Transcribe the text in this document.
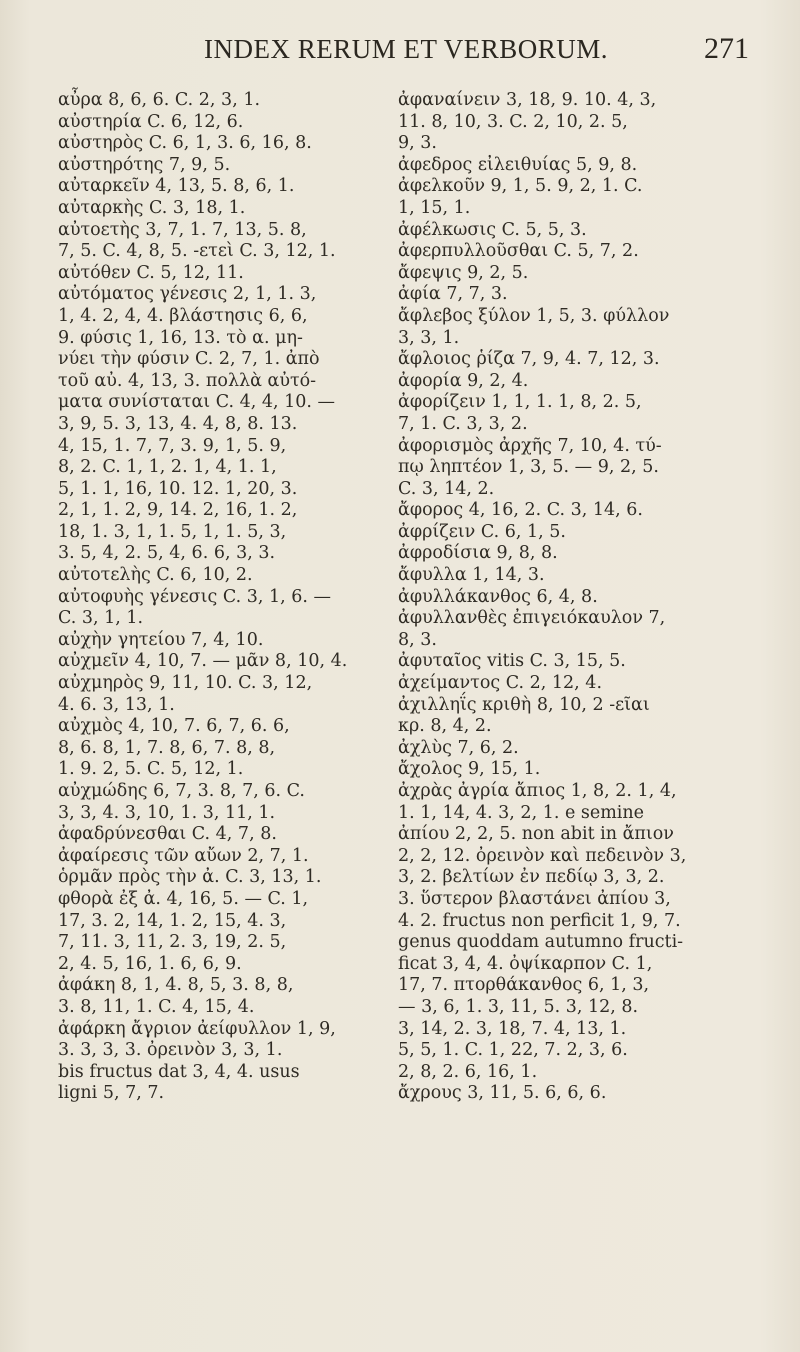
INDEX RERUM ET VERBORUM.	271
αὖρα 8, 6, 6. C. 2, 3, 1.
αὐστηρία C. 6, 12, 6.
αὐστηρὸς C. 6, 1, 3. 6, 16, 8.
αὐστηρότης 7, 9, 5.
αὐταρκεῖν 4, 13, 5. 8, 6, 1.
αὐταρκὴς C. 3, 18, 1.
αὐτοετὴς 3, 7, 1. 7, 13, 5. 8,
7, 5. C. 4, 8, 5. -ετεὶ C. 3, 12, 1.
αὐτόθεν C. 5, 12, 11.
αὐτόματος γένεσις 2, 1, 1. 3,
1, 4. 2, 4, 4. βλάστησις 6, 6,
9. φύσις 1, 16, 13. τὸ α. μη-
νύει τὴν φύσιν C. 2, 7, 1. ἀπὸ
τοῦ αὐ. 4, 13, 3. πολλὰ αὐτό-
ματα συνίσταται C. 4, 4, 10. —
3, 9, 5. 3, 13, 4. 4, 8, 8. 13.
4, 15, 1. 7, 7, 3. 9, 1, 5. 9,
8, 2. C. 1, 1, 2. 1, 4, 1. 1,
5, 1. 1, 16, 10. 12. 1, 20, 3.
2, 1, 1. 2, 9, 14. 2, 16, 1. 2,
18, 1. 3, 1, 1. 5, 1, 1. 5, 3,
3. 5, 4, 2. 5, 4, 6. 6, 3, 3.
αὐτοτελὴς C. 6, 10, 2.
αὐτοφυὴς γένεσις C. 3, 1, 6. —
C. 3, 1, 1.
αὐχὴν γητείου 7, 4, 10.
αὐχμεῖν 4, 10, 7. — μᾶν 8, 10, 4.
αὐχμηρὸς 9, 11, 10. C. 3, 12,
4. 6. 3, 13, 1.
αὐχμὸς 4, 10, 7. 6, 7, 6. 6,
8, 6. 8, 1, 7. 8, 6, 7. 8, 8,
1. 9. 2, 5. C. 5, 12, 1.
αὐχμώδης 6, 7, 3. 8, 7, 6. C.
3, 3, 4. 3, 10, 1. 3, 11, 1.
ἀφαδρύνεσθαι C. 4, 7, 8.
ἀφαίρεσις τῶν αὔων 2, 7, 1.
ὁρμᾶν πρὸς τὴν ἀ. C. 3, 13, 1.
φθορὰ ἐξ ἀ. 4, 16, 5. — C. 1,
17, 3. 2, 14, 1. 2, 15, 4. 3,
7, 11. 3, 11, 2. 3, 19, 2. 5,
2, 4. 5, 16, 1. 6, 6, 9.
ἀφάκη 8, 1, 4. 8, 5, 3. 8, 8,
3. 8, 11, 1. C. 4, 15, 4.
ἀφάρκη ἄγριον ἀείφυλλον 1, 9,
3. 3, 3, 3. ὀρεινὸν 3, 3, 1.
bis fructus dat 3, 4, 4. usus
ligni 5, 7, 7.
ἀφαναίνειν 3, 18, 9. 10. 4, 3,
11. 8, 10, 3. C. 2, 10, 2. 5,
9, 3.
ἀφεδρος εἰλειθυίας 5, 9, 8.
ἀφελκοῦν 9, 1, 5. 9, 2, 1. C.
1, 15, 1.
ἀφέλκωσις C. 5, 5, 3.
ἀφερπυλλοῦσθαι C. 5, 7, 2.
ἄφεψις 9, 2, 5.
ἀφία 7, 7, 3.
ἄφλεβος ξύλον 1, 5, 3. φύλλον
3, 3, 1.
ἄφλοιος ῥίζα 7, 9, 4. 7, 12, 3.
ἀφορία 9, 2, 4.
ἀφορίζειν 1, 1, 1. 1, 8, 2. 5,
7, 1. C. 3, 3, 2.
ἀφορισμὸς ἀρχῆς 7, 10, 4. τύ-
πῳ ληπτέον 1, 3, 5. — 9, 2, 5.
C. 3, 14, 2.
ἄφορος 4, 16, 2. C. 3, 14, 6.
ἀφρίζειν C. 6, 1, 5.
ἀφροδίσια 9, 8, 8.
ἄφυλλα 1, 14, 3.
ἀφυλλάκανθος 6, 4, 8.
ἀφυλλανθὲς ἐπιγειόκαυλον 7,
8, 3.
ἀφυταῖος vitis C. 3, 15, 5.
ἀχείμαντος C. 2, 12, 4.
ἀχιλληΐς κριθὴ 8, 10, 2 -εῖαι
κρ. 8, 4, 2.
ἀχλὺς 7, 6, 2.
ἄχολος 9, 15, 1.
ἀχρὰς ἀγρία ἄπιος 1, 8, 2. 1, 4,
1. 1, 14, 4. 3, 2, 1. e semine
ἀπίου 2, 2, 5. non abit in ἄπιον
2, 2, 12. ὀρεινὸν καὶ πεδεινὸν 3,
3, 2. βελτίων ἐν πεδίῳ 3, 3, 2.
3. ὕστερον βλαστάνει ἀπίου 3,
4. 2. fructus non perficit 1, 9, 7.
genus quoddam autumno fructi-
ficat 3, 4, 4. ὀψίκαρπον C. 1,
17, 7. πτορθάκανθος 6, 1, 3,
— 3, 6, 1. 3, 11, 5. 3, 12, 8.
3, 14, 2. 3, 18, 7. 4, 13, 1.
5, 5, 1. C. 1, 22, 7. 2, 3, 6.
2, 8, 2. 6, 16, 1.
ἄχρους 3, 11, 5. 6, 6, 6.
